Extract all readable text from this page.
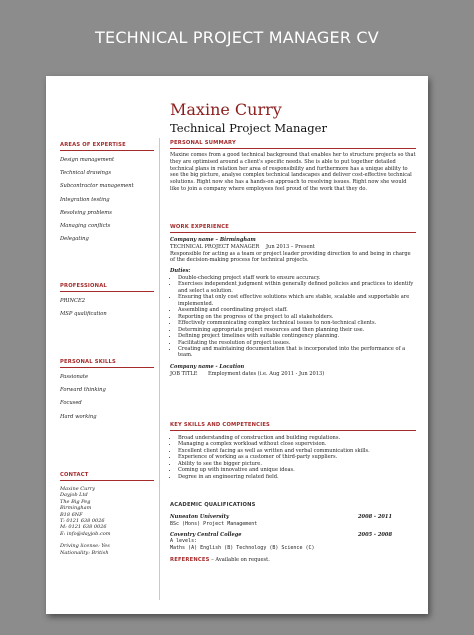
TECHNICAL PROJECT MANAGER CV
Maxine Curry
Technical Project Manager
AREAS OF EXPERTISE
Design management
Technical drawings
Subcontractor management
Integration testing
Resolving problems
Managing conflicts
Delegating
PROFESSIONAL
PRINCE2
MSP qualification
PERSONAL SKILLS
Passionate
Forward thinking
Focused
Hard working
CONTACT
Maxine Curry
Dayjob Ltd
The Big Peg
Birmingham
B18 6NF
T: 0121 638 0026
M: 0121 638 0026
E: info@dayjob.com
Driving license: Yes
Nationality: British
PERSONAL SUMMARY
Maxine comes from a good technical background that enables her to structure projects so that they are optimised around a client's specific needs. She is able to put together detailed technical plans in relation her area of responsibility and furthermore has a unique ability to see the big picture, analyse complex technical landscapes and deliver cost-effective technical solutions. Right now she has a hands-on approach to resolving issues. Right now she would like to join a company where employees feel proud of the work that they do.
WORK EXPERIENCE
Company name – Birmingham
TECHNICAL PROJECT MANAGER	Jun 2013 – Present
Responsible for acting as a team or project leader providing direction to and being in charge of the decision-making process for technical projects.
Duties:
• Double-checking project staff work to ensure accuracy.
• Exercises independent judgment within generally defined policies and practices to identify and select a solution.
• Ensuring that only cost effective solutions which are stable, scalable and supportable are implemented.
• Assembling and coordinating project staff.
• Reporting on the progress of the project to all stakeholders.
• Effectively communicating complex technical issues to non-technical clients.
• Determining appropriate project resources and then planning their use.
• Defining project timelines with suitable contingency planning.
• Facilitating the resolution of project issues.
• Creating and maintaining documentation that is incorporated into the performance of a team.
Company name - Location
JOB TITLE	Employment dates (i.e. Aug 2011 - Jun 2013)
KEY SKILLS AND COMPETENCIES
• Broad understanding of construction and building regulations.
• Managing a complex workload without close supervision.
• Excellent client facing as well as written and verbal communication skills.
• Experience of working as a customer of third-party suppliers.
• Ability to see the bigger picture.
• Coming up with innovative and unique ideas.
• Degree in an engineering related field.
ACADEMIC QUALIFICATIONS
Nuneaton University	2008 - 2011
BSc (Hons) Project Management
Coventry Central College	2005 - 2008
A levels:
Maths (A) English (B) Technology (B) Science (C)
REFERENCES – Available on request.
